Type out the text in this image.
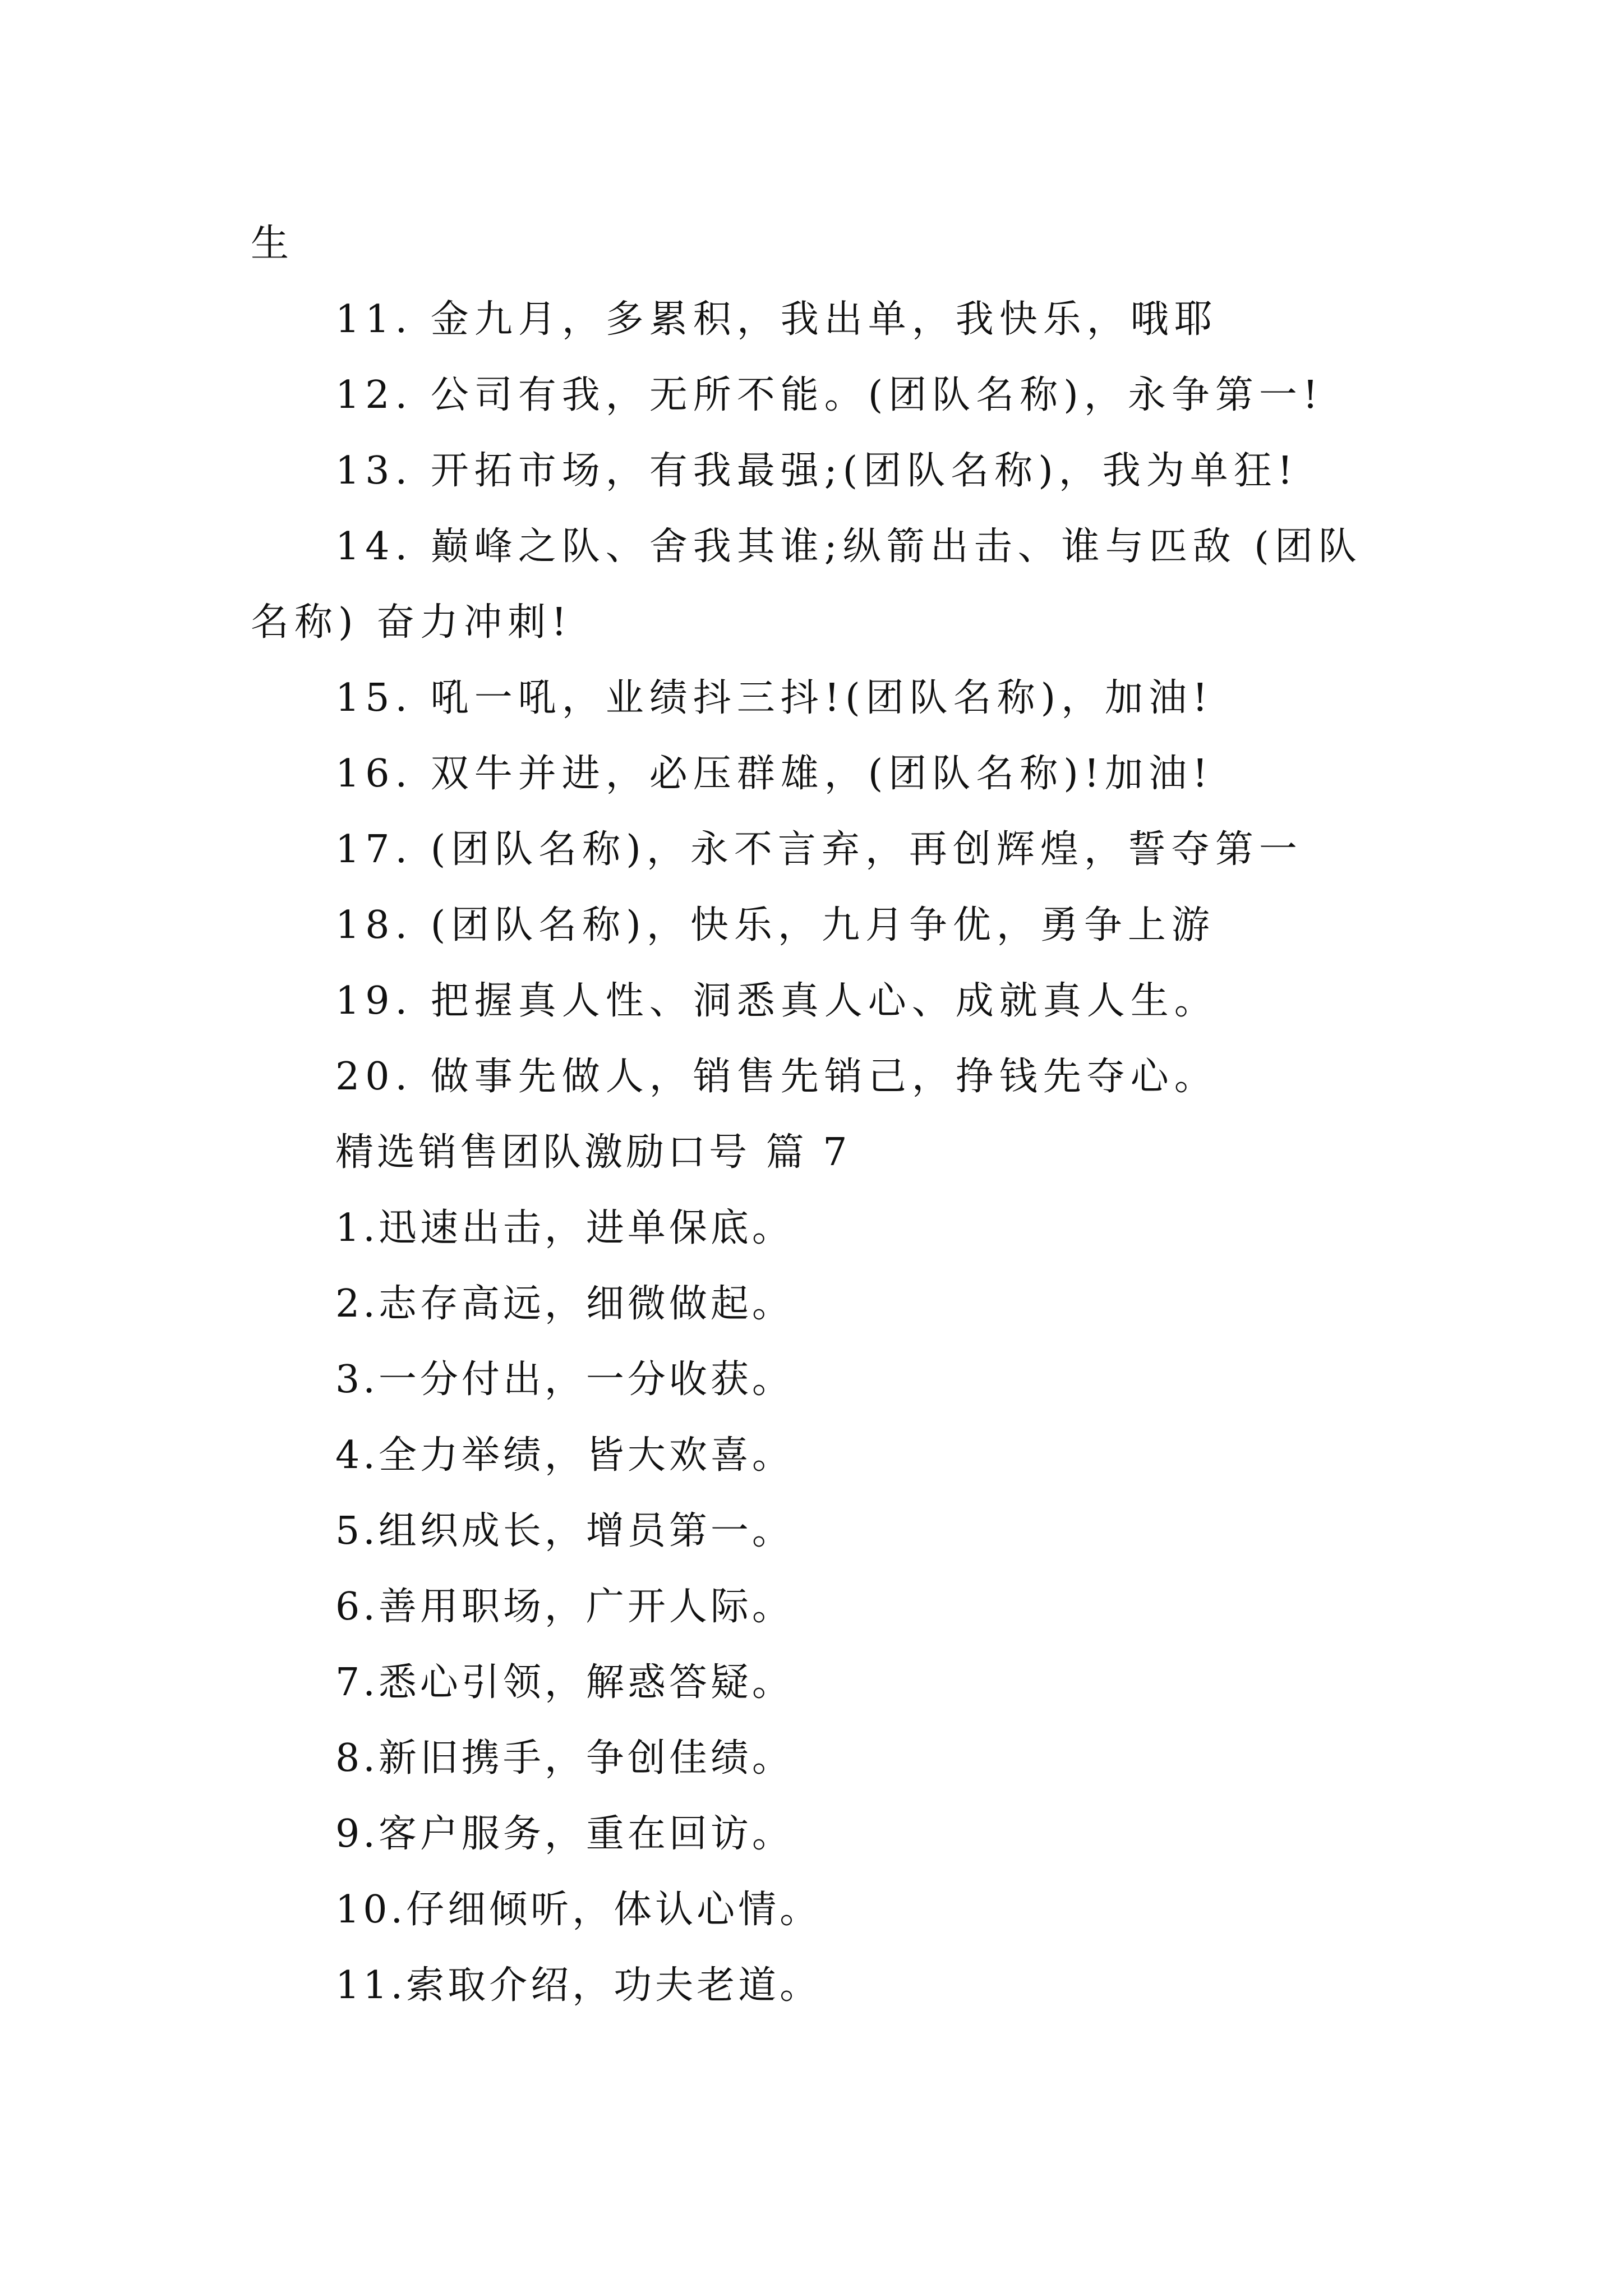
生
11. 金九月，多累积，我出单，我快乐，哦耶
12. 公司有我，无所不能。(团队名称)，永争第一!
13. 开拓市场，有我最强;(团队名称)，我为单狂!
14. 巅峰之队、舍我其谁;纵箭出击、谁与匹敌 (团队
名称) 奋力冲刺!
15. 吼一吼，业绩抖三抖!(团队名称)，加油!
16. 双牛并进，必压群雄，(团队名称)!加油!
17. (团队名称)，永不言弃，再创辉煌，誓夺第一
18. (团队名称)，快乐，九月争优，勇争上游
19. 把握真人性、洞悉真人心、成就真人生。
20. 做事先做人，销售先销己，挣钱先夺心。
精选销售团队激励口号 篇 7
1.迅速出击，进单保底。
2.志存高远，细微做起。
3.一分付出，一分收获。
4.全力举绩，皆大欢喜。
5.组织成长，增员第一。
6.善用职场，广开人际。
7.悉心引领，解惑答疑。
8.新旧携手，争创佳绩。
9.客户服务，重在回访。
10.仔细倾听，体认心情。
11.索取介绍，功夫老道。
